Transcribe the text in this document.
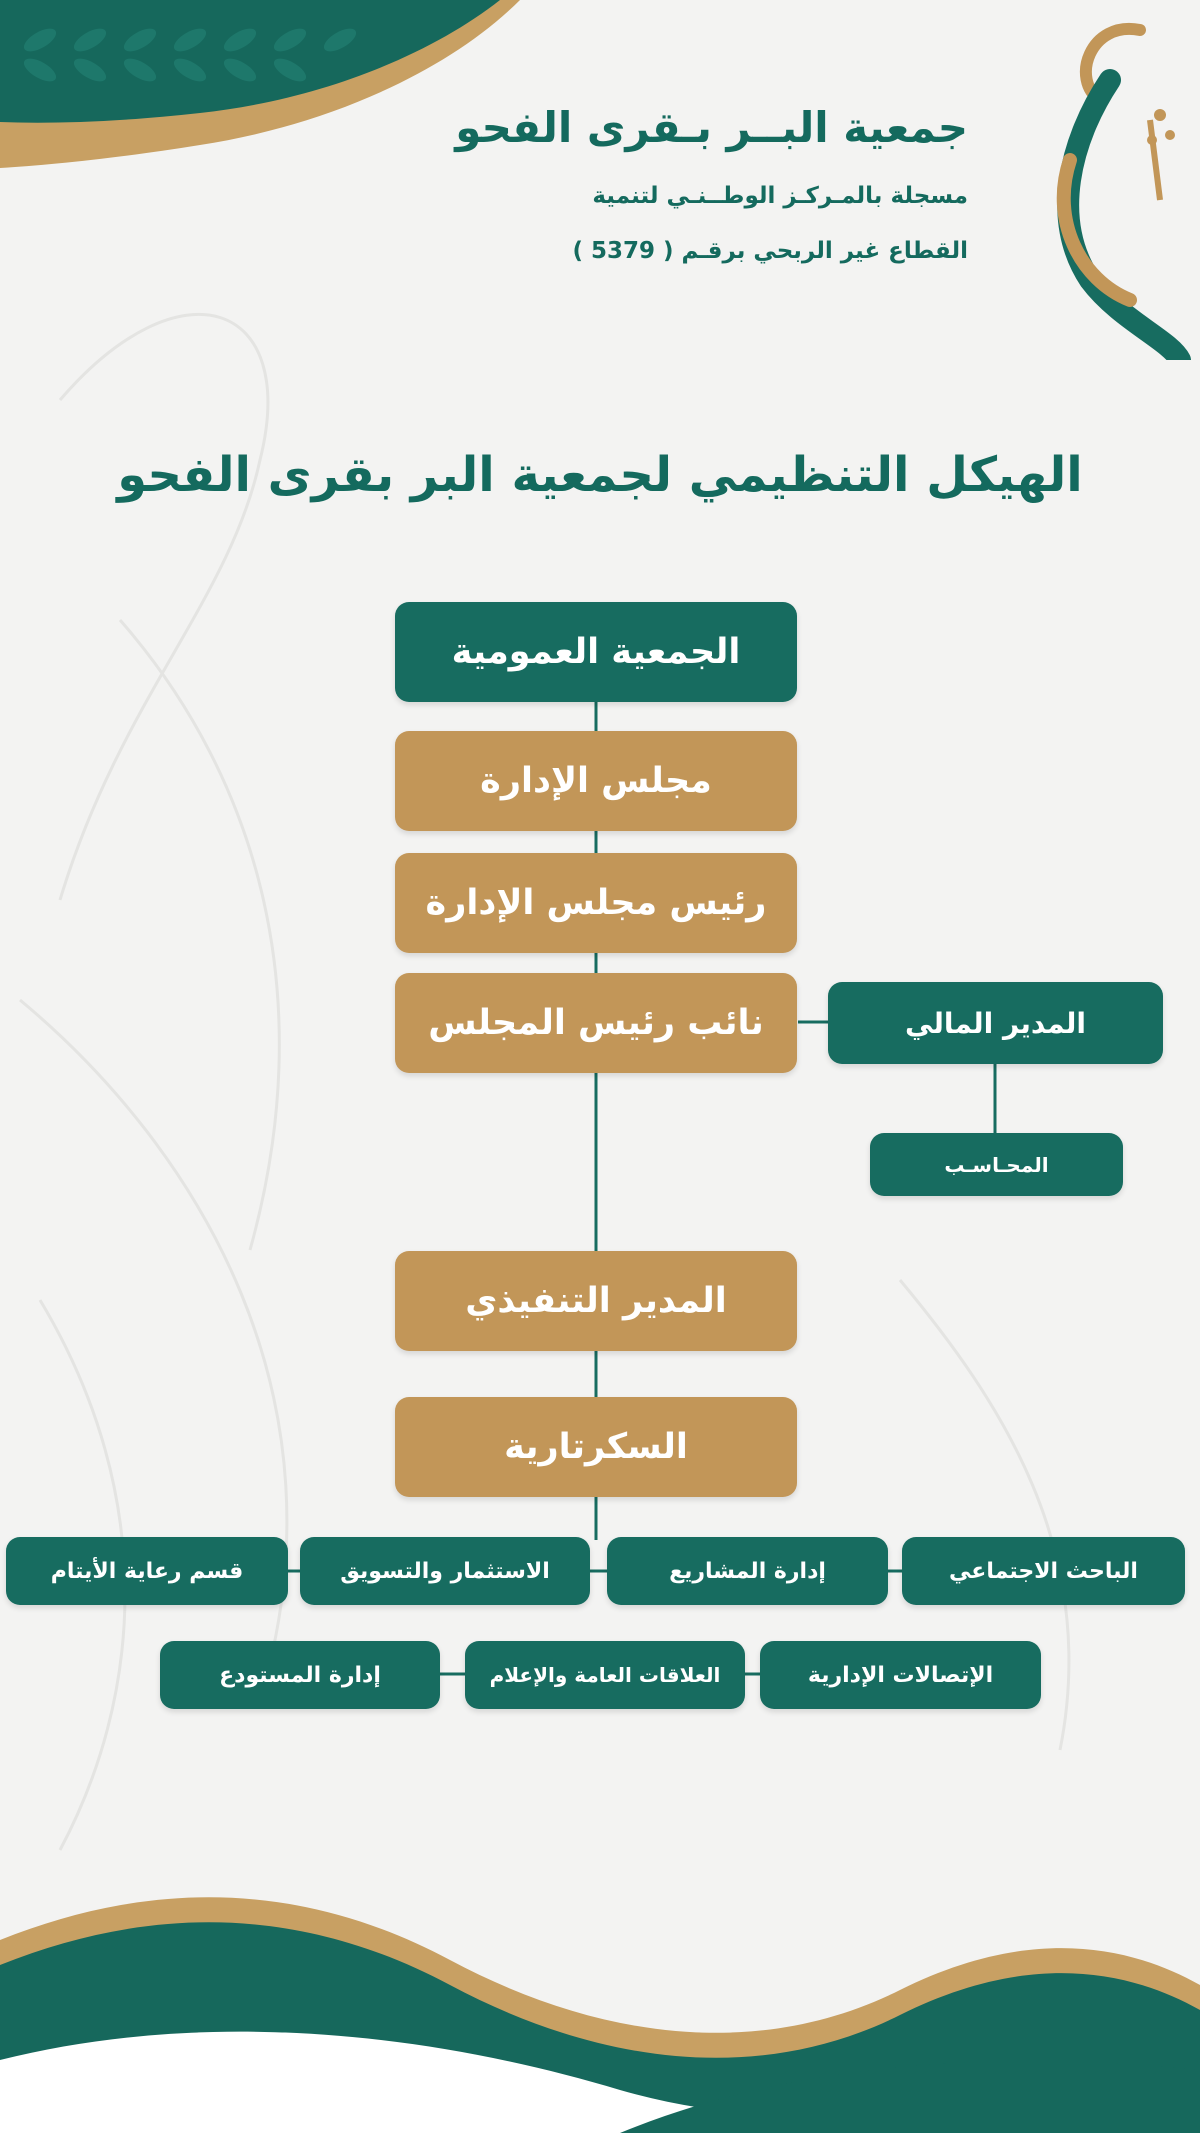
جمعية البــر بـقرى الفحو
مسجلة بالمـركـز الوطــنـي لتنمية
القطاع غير الربحي برقـم ( 5379 )
الهيكل التنظيمي لجمعية البر بقرى الفحو
الجمعية العمومية
مجلس الإدارة
رئيس مجلس الإدارة
نائب رئيس المجلس	المدير المالي
المحـاسـب
المدير التنفيذي
السكرتارية
الباحث الاجتماعي
إدارة المشاريع
الاستثمار والتسويق
قسم رعاية الأيتام
الإتصالات الإدارية
العلاقات العامة والإعلام
إدارة المستودع
